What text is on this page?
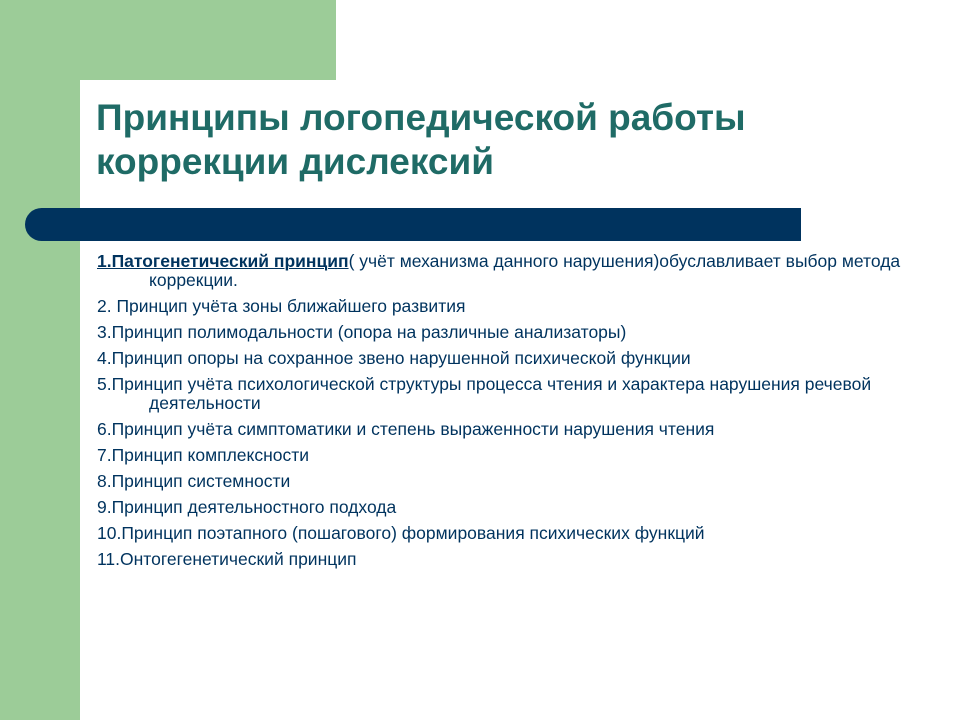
Принципы логопедической работы
коррекции дислексий
1.Патогенетический принцип( учёт механизма данного нарушения)обуславливает выбор метода коррекции.
2. Принцип учёта зоны ближайшего развития
3.Принцип полимодальности (опора на различные анализаторы)
4.Принцип опоры на сохранное звено нарушенной психической функции
5.Принцип учёта психологической структуры процесса чтения и характера нарушения речевой деятельности
6.Принцип учёта симптоматики и степень выраженности нарушения чтения
7.Принцип комплексности
8.Принцип системности
9.Принцип деятельностного подхода
10.Принцип поэтапного (пошагового) формирования психических функций
11.Онтогегенетический принцип
